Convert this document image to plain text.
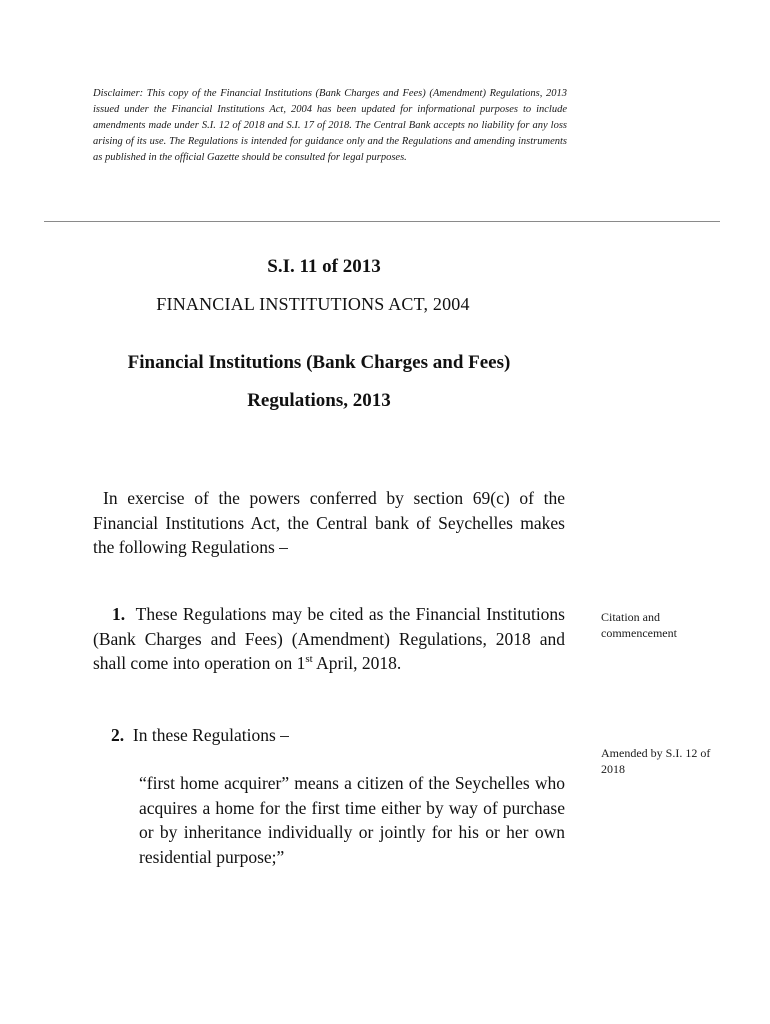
Disclaimer: This copy of the Financial Institutions (Bank Charges and Fees) (Amendment) Regulations, 2013 issued under the Financial Institutions Act, 2004 has been updated for informational purposes to include amendments made under S.I. 12 of 2018 and S.I. 17 of 2018. The Central Bank accepts no liability for any loss arising of its use. The Regulations is intended for guidance only and the Regulations and amending instruments as published in the official Gazette should be consulted for legal purposes.
S.I. 11 of 2013
FINANCIAL INSTITUTIONS ACT, 2004
Financial Institutions (Bank Charges and Fees)
Regulations, 2013
In exercise of the powers conferred by section 69(c) of the Financial Institutions Act, the Central bank of Seychelles makes the following Regulations –
1. These Regulations may be cited as the Financial Institutions (Bank Charges and Fees) (Amendment) Regulations, 2018 and shall come into operation on 1st April, 2018.
2. In these Regulations –
“first home acquirer” means a citizen of the Seychelles who acquires a home for the first time either by way of purchase or by inheritance individually or jointly for his or her own residential purpose;”
Citation and commencement
Amended by S.I. 12 of 2018
